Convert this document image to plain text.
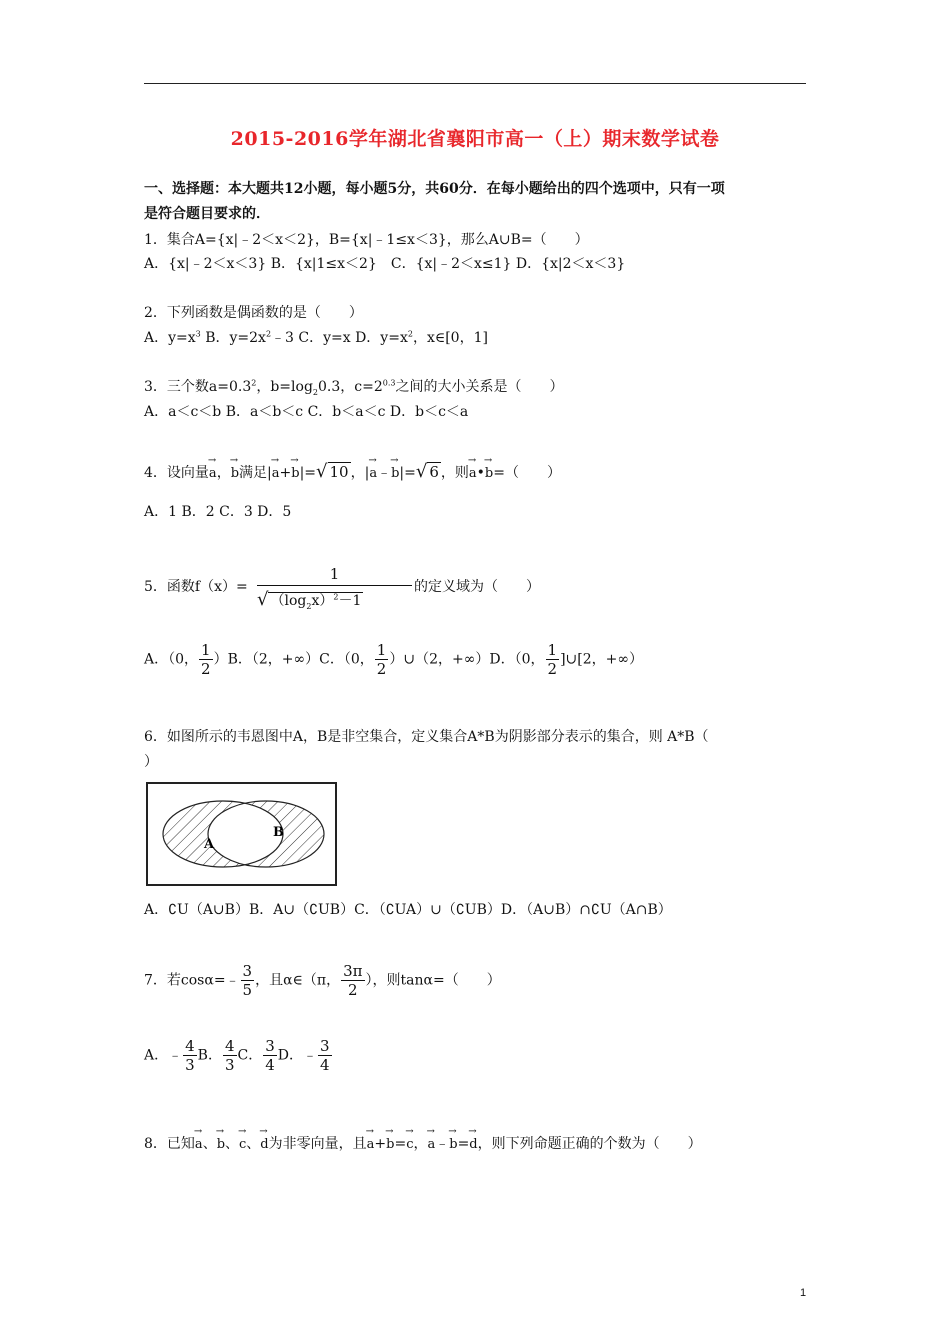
2015-2016学年湖北省襄阳市高一（上）期末数学试卷
一、选择题：本大题共12小题，每小题5分，共60分．在每小题给出的四个选项中，只有一项
是符合题目要求的．
1．集合A={x|﹣2＜x＜2}，B={x|﹣1≤x＜3}，那么A∪B=（　　）
A．{x|﹣2＜x＜3} B．{x|1≤x＜2}　C．{x|﹣2＜x≤1} D．{x|2＜x＜3}
2．下列函数是偶函数的是（　　）
A．$y=x^3$ B．$y=2x^2﹣3$ C．y=x D．$y=x^2$，x∈[0，1]
3．三个数$a=0.3^2$，$b=\log_20.3$，$c=2^{0.3}$之间的大小关系是（　　）
A．a＜c＜b B．a＜b＜c C．b＜a＜c D．b＜c＜a
4．设向量
→
a，
→
b满足|
→
a+
→
b|=√ 10 ，|
→
a﹣
→
b|=√ 6 ，则
→
a•
→
b=（　　）
A．1 B．2 C．3 D．5
5．函数f（x）=
1
√ $(\log_2x)^2-1$
的定义域为（　　）
A．（0， $\frac{1}{2} )B$．（2，+∞）C．（0， $\frac{1}{2}$ ）∪（2，+∞）D．（0， $\frac{1}{2}$ ]∪[2，+∞）
6．如图所示的韦恩图中A，B是非空集合，定义集合A*B为阴影部分表示的集合，则 A*B（
）
A
B
A．∁U（A∪B）B．A∪（∁UB）C．（∁UA）∪（∁UB）D．（A∪B）∩∁U（A∩B）
7．若cosα=﹣ $\frac{3}{5}$ ，且α∈（π， $\frac{3\pi}{2}$ ），则tanα=（　　）
A．﹣ $\frac{4}{3}$ B． $\frac{4}{3}$ C． $\frac{3}{4}$ D．﹣ $\frac{3}{4}$
8．已知
→
a、
→
b、
→
c、
→
d为非零向量，且
→
a+
→
b=
→
c，
→
a﹣
→
b=
→
d，则下列命题正确的个数为（　　）
1
